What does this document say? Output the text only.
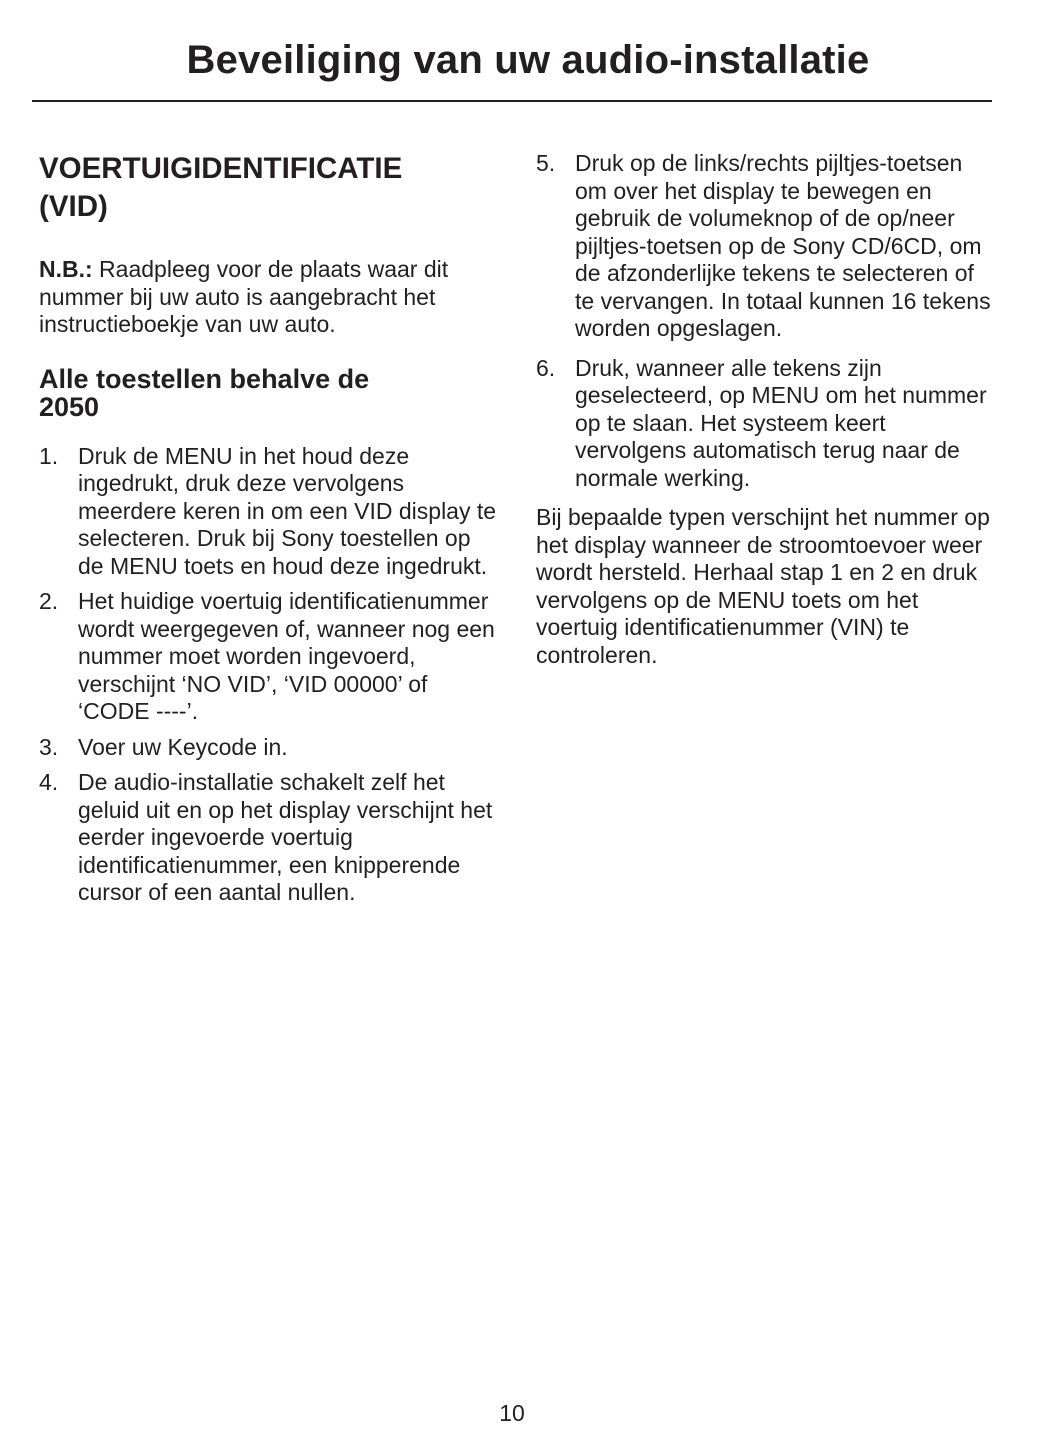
Beveiliging van uw audio-installatie
VOERTUIGIDENTIFICATIE
(VID)

N.B.: Raadpleeg voor de plaats waar dit nummer bij uw auto is aangebracht het instructieboekje van uw auto.

Alle toestellen behalve de
2050
1. Druk de MENU in het houd deze ingedrukt, druk deze vervolgens meerdere keren in om een VID display te selecteren. Druk bij Sony toestellen op de MENU toets en houd deze ingedrukt.
2. Het huidige voertuig identificatienummer wordt weergegeven of, wanneer nog een nummer moet worden ingevoerd, verschijnt ‘NO VID’, ‘VID 00000’ of ‘CODE ----’.
3. Voer uw Keycode in.
4. De audio-installatie schakelt zelf het geluid uit en op het display verschijnt het eerder ingevoerde voertuig identificatienummer, een knipperende cursor of een aantal nullen.
5. Druk op de links/rechts pijltjes-toetsen om over het display te bewegen en gebruik de volumeknop of de op/neer pijltjes-toetsen op de Sony CD/6CD, om de afzonderlijke tekens te selecteren of te vervangen. In totaal kunnen 16 tekens worden opgeslagen.
6. Druk, wanneer alle tekens zijn geselecteerd, op MENU om het nummer op te slaan. Het systeem keert vervolgens automatisch terug naar de normale werking.

Bij bepaalde typen verschijnt het nummer op het display wanneer de stroomtoevoer weer wordt hersteld. Herhaal stap 1 en 2 en druk vervolgens op de MENU toets om het voertuig identificatienummer (VIN) te controleren.

10
